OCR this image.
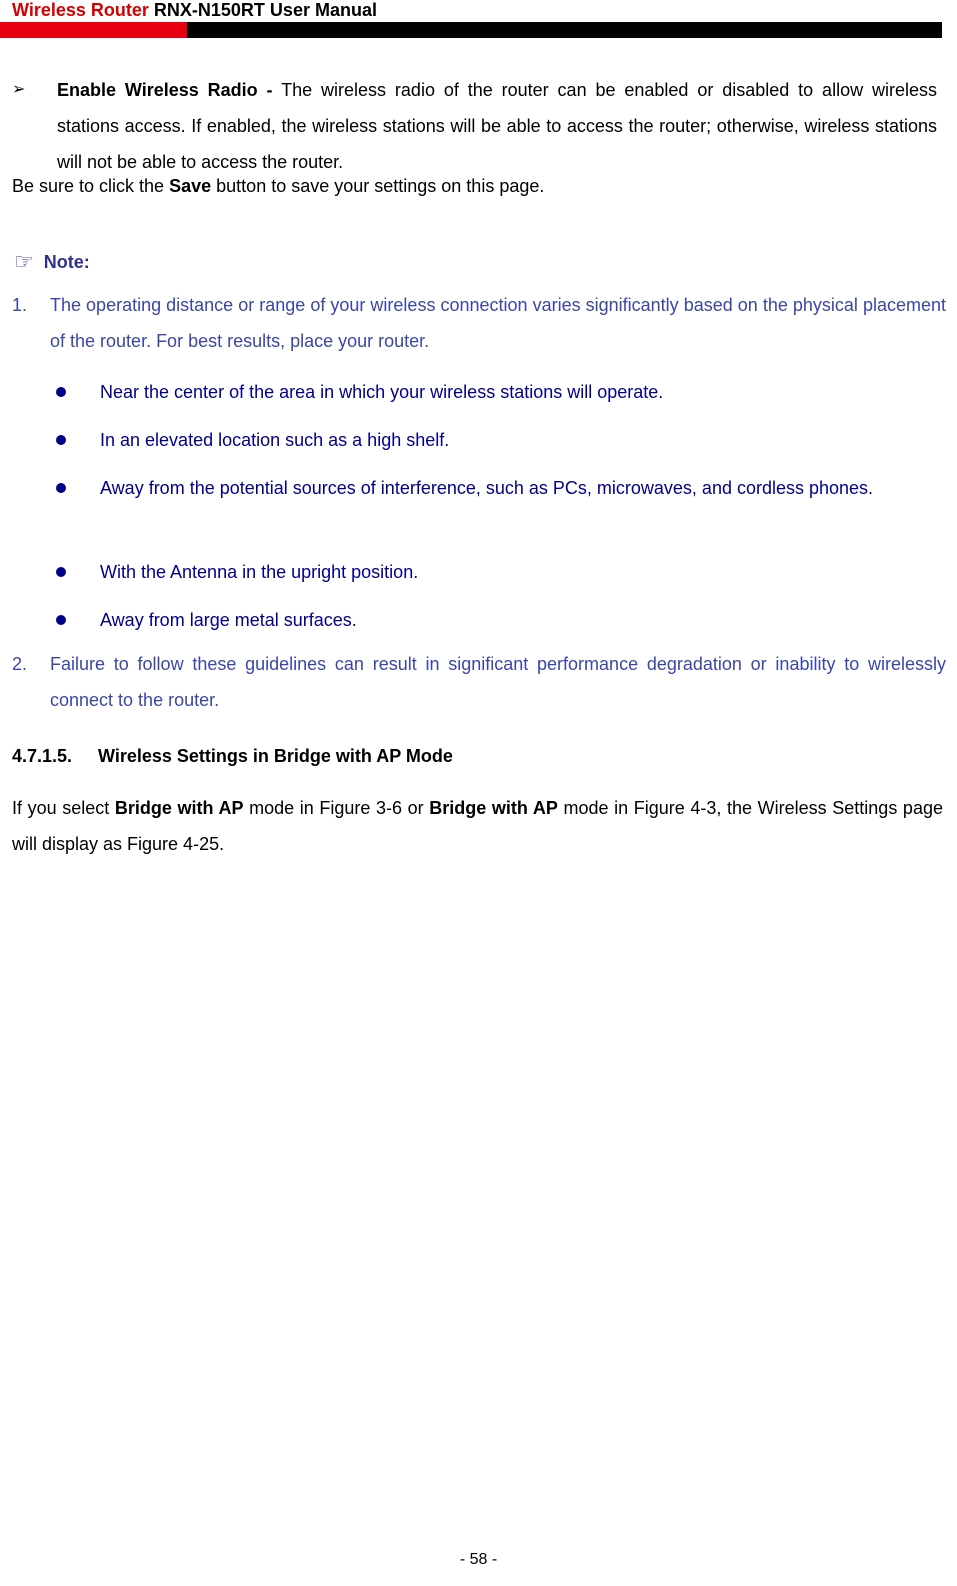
Wireless Router RNX-N150RT User Manual
➢ Enable Wireless Radio - The wireless radio of the router can be enabled or disabled to allow wireless stations access. If enabled, the wireless stations will be able to access the router; otherwise, wireless stations will not be able to access the router.
Be sure to click the Save button to save your settings on this page.
☞ Note:
1. The operating distance or range of your wireless connection varies significantly based on the physical placement of the router. For best results, place your router.
Near the center of the area in which your wireless stations will operate.
In an elevated location such as a high shelf.
Away from the potential sources of interference, such as PCs, microwaves, and cordless phones.
With the Antenna in the upright position.
Away from large metal surfaces.
2. Failure to follow these guidelines can result in significant performance degradation or inability to wirelessly connect to the router.
4.7.1.5. Wireless Settings in Bridge with AP Mode
If you select Bridge with AP mode in Figure 3-6 or Bridge with AP mode in Figure 4-3, the Wireless Settings page will display as Figure 4-25.
- 58 -
